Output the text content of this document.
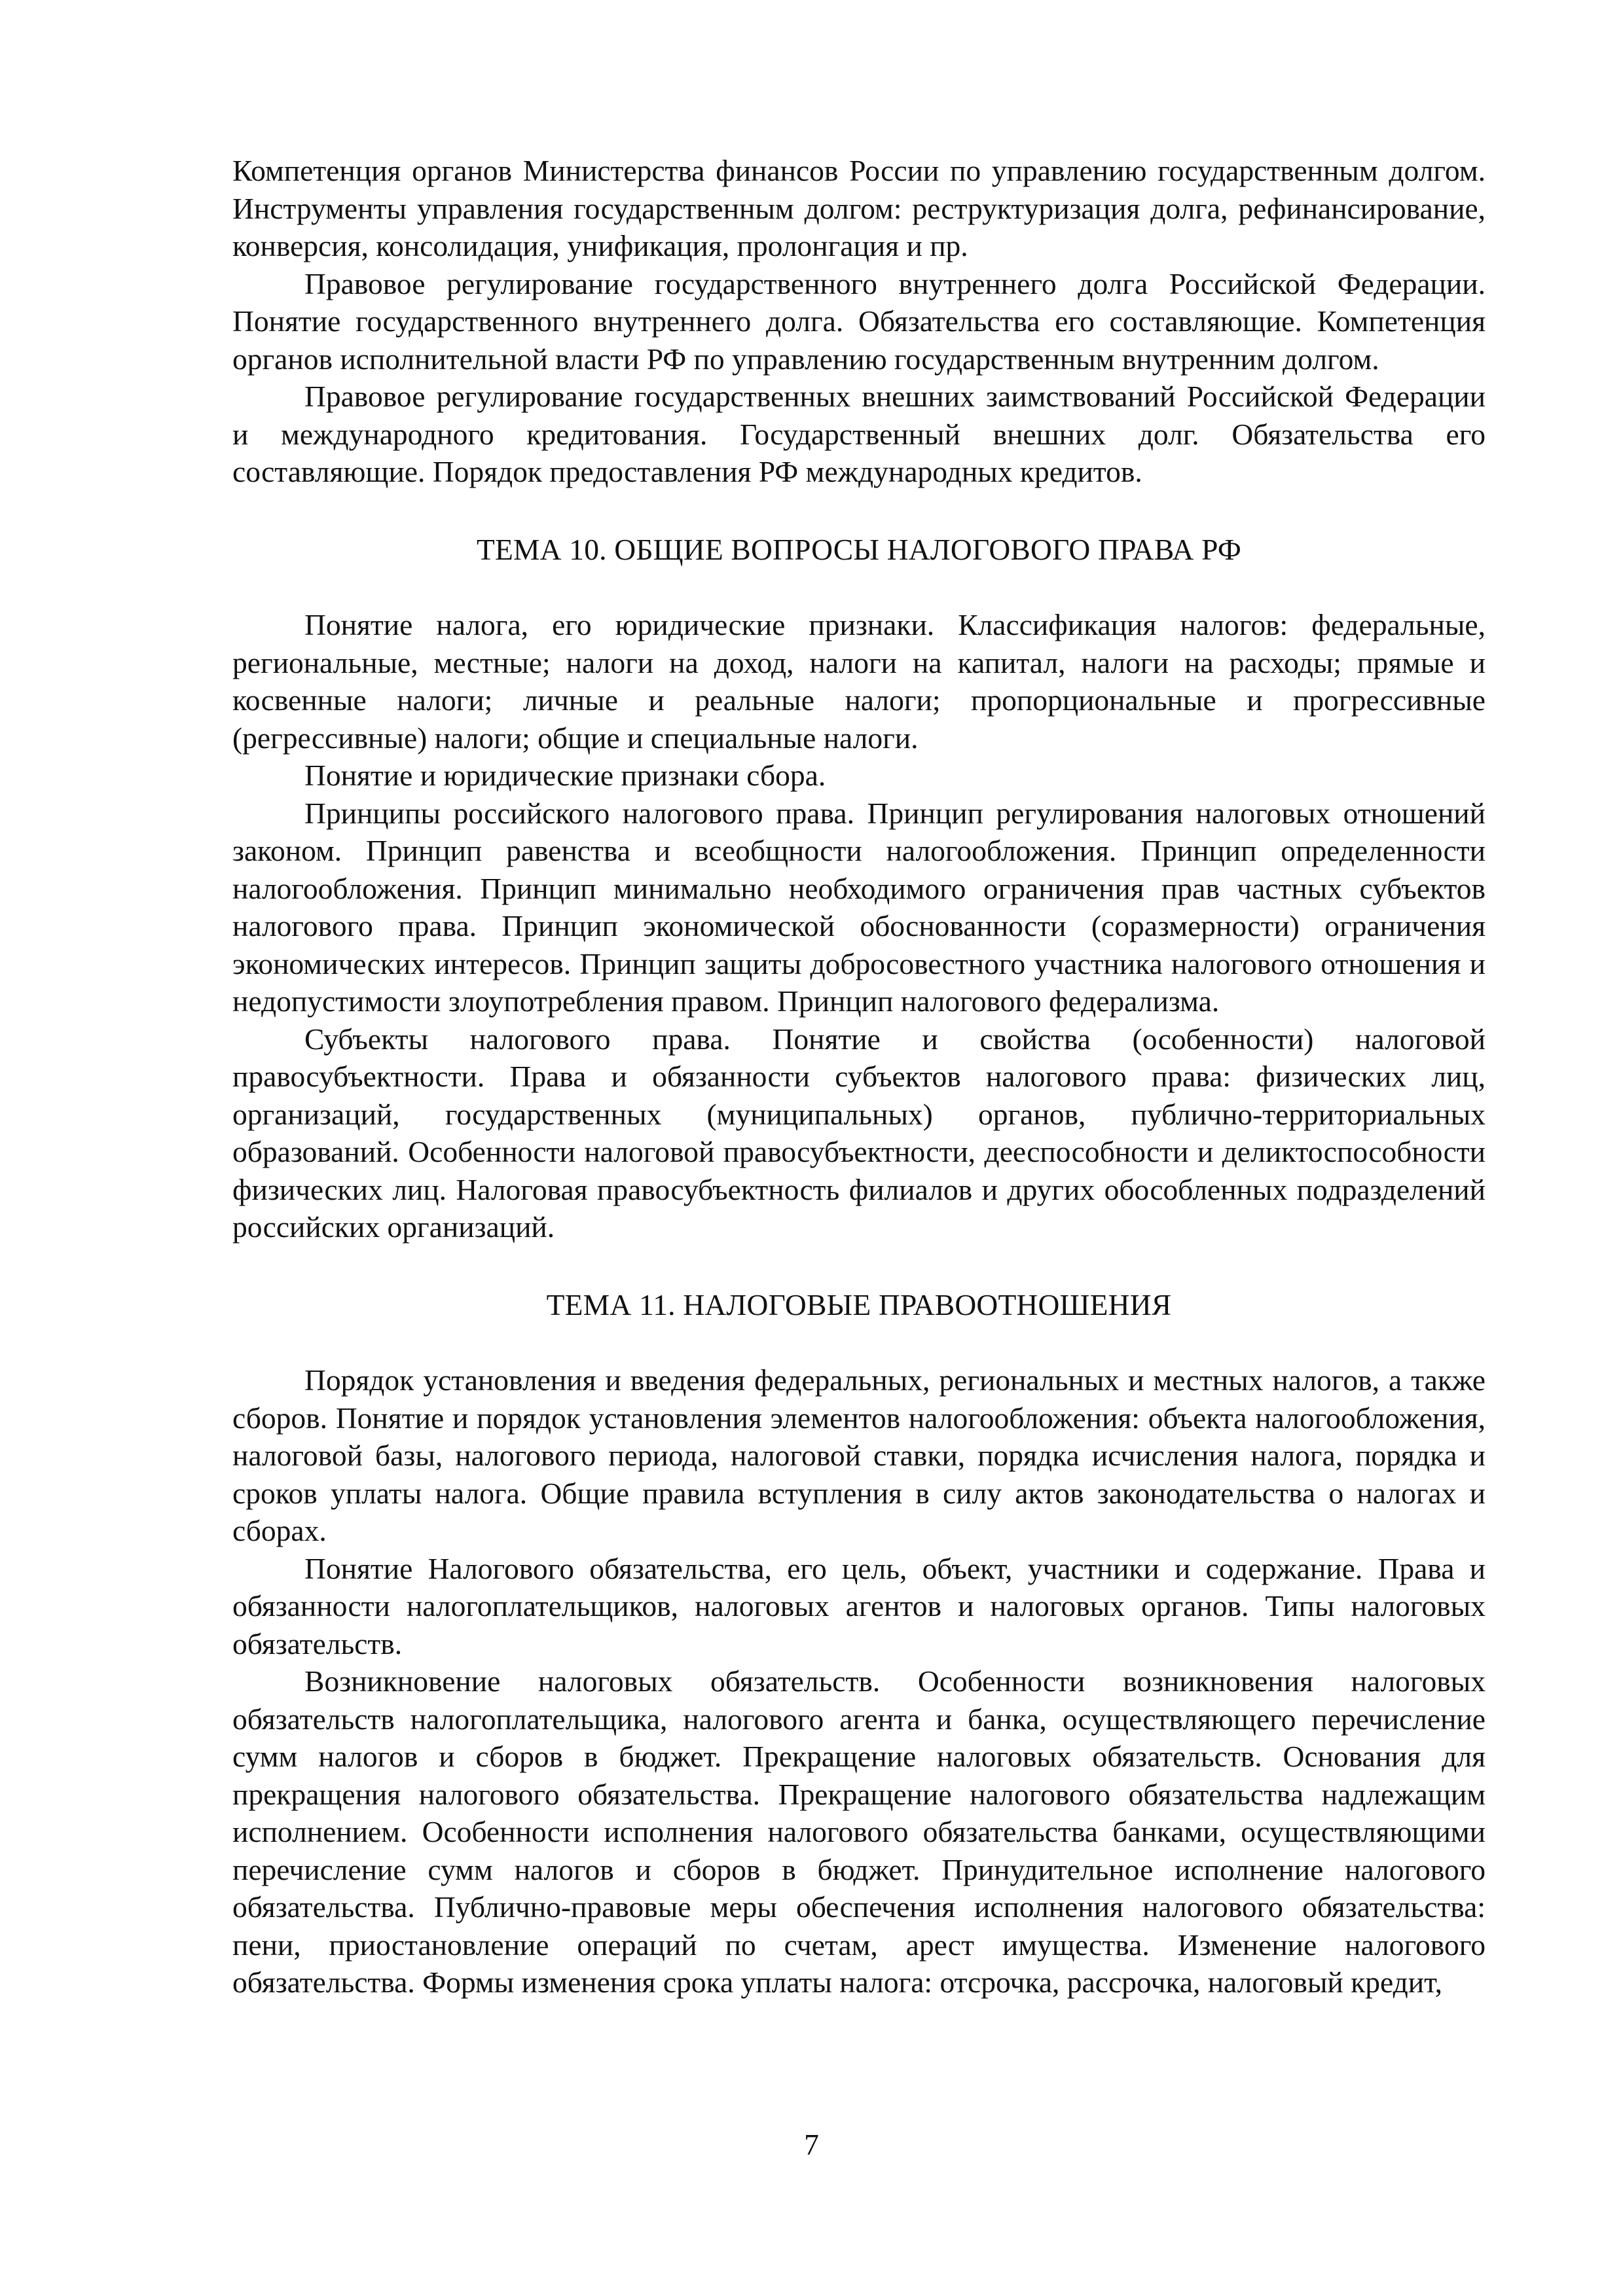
Компетенция органов Министерства финансов России по управлению государственным долгом. Инструменты управления государственным долгом: реструктуризация долга, рефинансирование, конверсия, консолидация, унификация, пролонгация и пр.

Правовое регулирование государственного внутреннего долга Российской Федерации. Понятие государственного внутреннего долга. Обязательства его составляющие. Компетенция органов исполнительной власти РФ по управлению государственным внутренним долгом.

Правовое регулирование государственных внешних заимствований Российской Федерации и международного кредитования. Государственный внешних долг. Обязательства его составляющие. Порядок предоставления РФ международных кредитов.

ТЕМА 10. ОБЩИЕ ВОПРОСЫ НАЛОГОВОГО ПРАВА РФ

Понятие налога, его юридические признаки. Классификация налогов: федеральные, региональные, местные; налоги на доход, налоги на капитал, налоги на расходы; прямые и косвенные налоги; личные и реальные налоги; пропорциональные и прогрессивные (регрессивные) налоги; общие и специальные налоги.

Понятие и юридические признаки сбора.

Принципы российского налогового права. Принцип регулирования налоговых отношений законом. Принцип равенства и всеобщности налогообложения. Принцип определенности налогообложения. Принцип минимально необходимого ограничения прав частных субъектов налогового права. Принцип экономической обоснованности (соразмерности) ограничения экономических интересов. Принцип защиты добросовестного участника налогового отношения и недопустимости злоупотребления правом. Принцип налогового федерализма.

Субъекты налогового права. Понятие и свойства (особенности) налоговой правосубъектности. Права и обязанности субъектов налогового права: физических лиц, организаций, государственных (муниципальных) органов, публично-территориальных образований. Особенности налоговой правосубъектности, дееспособности и деликтоспособности физических лиц. Налоговая правосубъектность филиалов и других обособленных подразделений российских организаций.

ТЕМА 11. НАЛОГОВЫЕ ПРАВООТНОШЕНИЯ

Порядок установления и введения федеральных, региональных и местных налогов, а также сборов. Понятие и порядок установления элементов налогообложения: объекта налогообложения, налоговой базы, налогового периода, налоговой ставки, порядка исчисления налога, порядка и сроков уплаты налога. Общие правила вступления в силу актов законодательства о налогах и сборах.

Понятие Налогового обязательства, его цель, объект, участники и содержание. Права и обязанности налогоплательщиков, налоговых агентов и налоговых органов. Типы налоговых обязательств.

Возникновение налоговых обязательств. Особенности возникновения налоговых обязательств налогоплательщика, налогового агента и банка, осуществляющего перечисление сумм налогов и сборов в бюджет. Прекращение налоговых обязательств. Основания для прекращения налогового обязательства. Прекращение налогового обязательства надлежащим исполнением. Особенности исполнения налогового обязательства банками, осуществляющими перечисление сумм налогов и сборов в бюджет. Принудительное исполнение налогового обязательства. Публично-правовые меры обеспечения исполнения налогового обязательства: пени, приостановление операций по счетам, арест имущества. Изменение налогового обязательства. Формы изменения срока уплаты налога: отсрочка, рассрочка, налоговый кредит,

7
